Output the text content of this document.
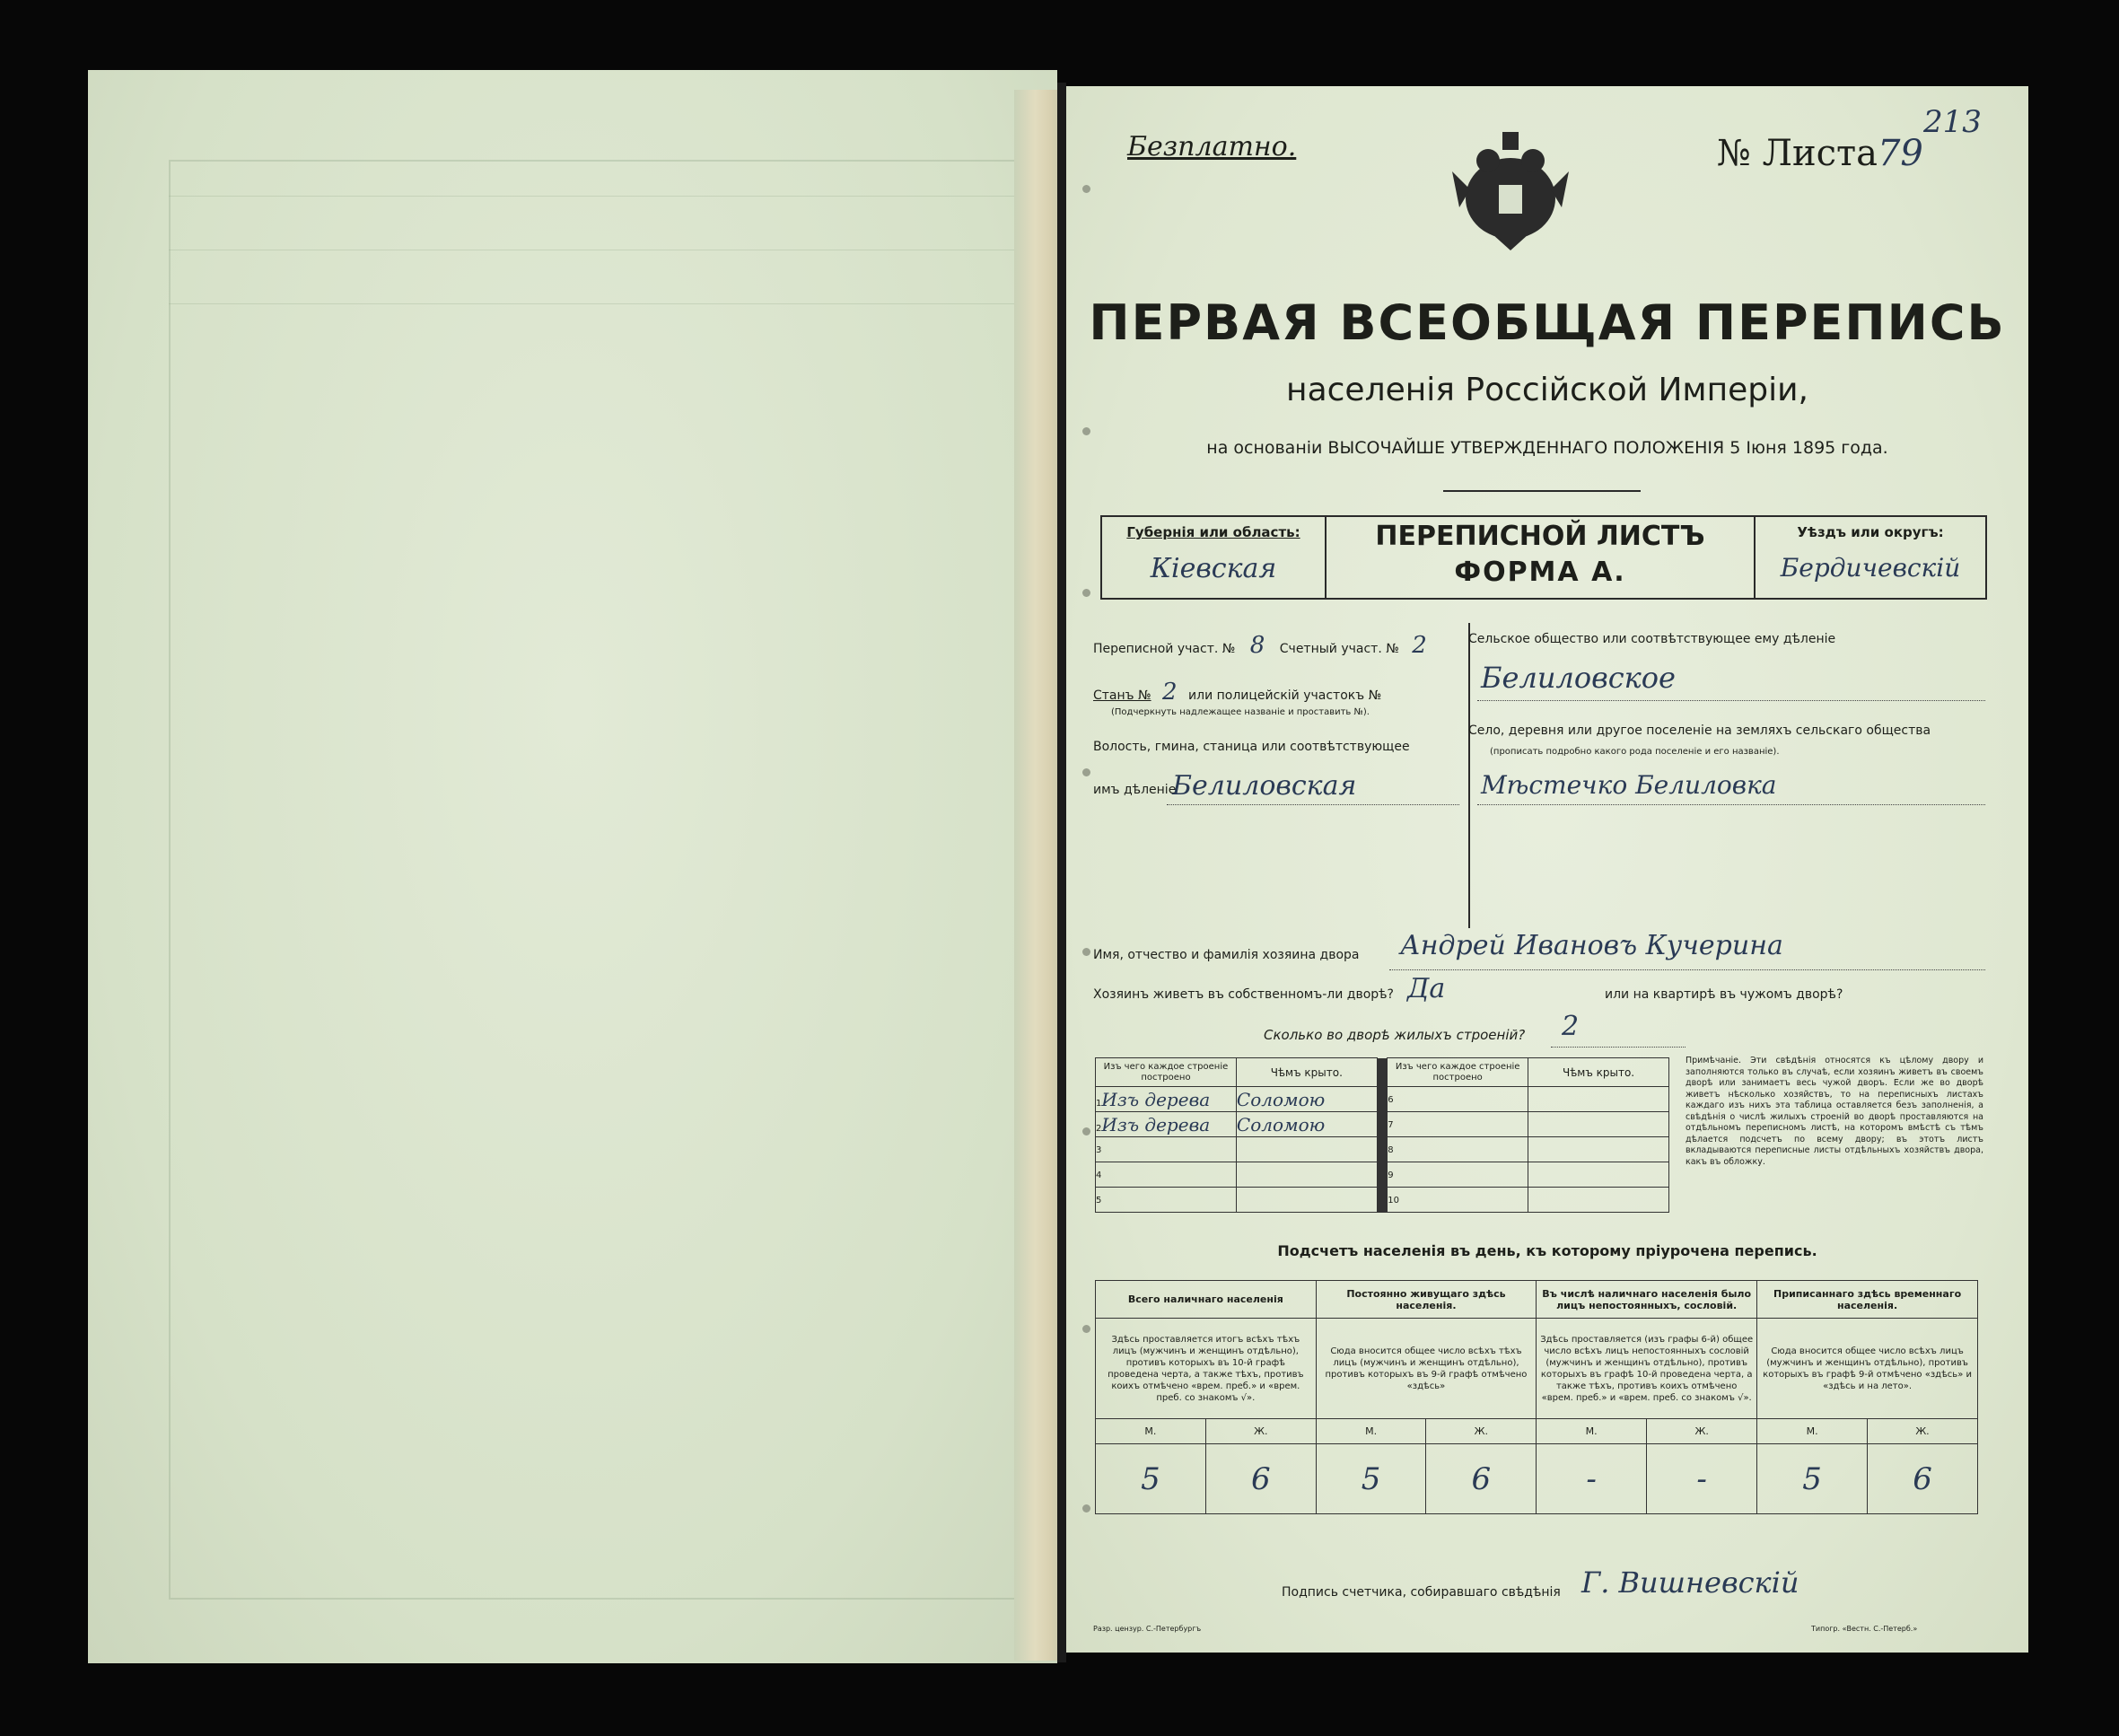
Безплатно.	№ Листа79
213
ПЕРВАЯ ВСЕОБЩАЯ ПЕРЕПИСЬ
населенія Россійской Имперіи,
на основаніи ВЫСОЧАЙШЕ УТВЕРЖДЕННАГО ПОЛОЖЕНІЯ 5 Іюня 1895 года.
Губернія или область:
Кіевская
ПЕРЕПИСНОЙ ЛИСТЪ
ФОРМА А.
Уѣздъ или округъ:
Бердичевскій
Переписной участ. № 8 Счетный участ. № 2
Станъ № 2 или полицейскій участокъ №
(Подчеркнуть надлежащее названіе и проставить №).
Волость, гмина, станица или соотвѣтствующее
имъ дѣленіе
Белиловская
Сельское общество или соотвѣтствующее ему дѣленіе
Белиловское
Село, деревня или другое поселеніе на земляхъ сельскаго общества
(прописать подробно какого рода поселеніе и его названіе).
Мѣстечко Белиловка
Имя, отчество и фамилія хозяина двора Андрей Ивановъ Кучерина
Хозяинъ живетъ въ собственномъ-ли дворѣ? Да	или на квартирѣ въ чужомъ дворѣ?
Сколько во дворѣ жилыхъ строеній? 2
Изъ чего каждое строеніе построено	Чѣмъ крыто.		Изъ чего каждое строеніе построено	Чѣмъ крыто.
1Изъ дерева	Соломою		6	
2Изъ дерева	Соломою		7	
3			8	
4			9	
5			10	
Примѣчаніе. Эти свѣдѣнія относятся къ цѣлому двору и заполняются только въ случаѣ, если хозяинъ живетъ въ своемъ дворѣ или занимаетъ весь чужой дворъ. Если же во дворѣ живетъ нѣсколько хозяйствъ, то на переписныхъ листахъ каждаго изъ нихъ эта таблица оставляется безъ заполненія, а свѣдѣнія о числѣ жилыхъ строеній во дворѣ проставляются на отдѣльномъ переписномъ листѣ, на которомъ вмѣстѣ съ тѣмъ дѣлается подсчетъ по всему двору; въ этотъ листъ вкладываются переписные листы отдѣльныхъ хозяйствъ двора, какъ въ обложку.
Подсчетъ населенія въ день, къ которому пріурочена перепись.
Всего наличнаго населенія		Постоянно живущаго здѣсь населенія.		Въ числѣ наличнаго населенія было лицъ непостоянныхъ, сословій.		Приписаннаго здѣсь временнаго населенія.	
Здѣсь проставляется итогъ всѣхъ тѣхъ лицъ (мужчинъ и женщинъ отдѣльно), противъ которыхъ въ 10-й графѣ проведена черта, а также тѣхъ, противъ коихъ отмѣчено «врем. преб.» и «врем. преб. со знакомъ √».		Сюда вносится общее число всѣхъ тѣхъ лицъ (мужчинъ и женщинъ отдѣльно), противъ которыхъ въ 9-й графѣ отмѣчено «здѣсь»		Здѣсь проставляется (изъ графы 6-й) общее число всѣхъ лицъ непостоянныхъ сословій (мужчинъ и женщинъ отдѣльно), противъ которыхъ въ графѣ 10-й проведена черта, а также тѣхъ, противъ коихъ отмѣчено «врем. преб.» и «врем. преб. со знакомъ √».		Сюда вносится общее число всѣхъ лицъ (мужчинъ и женщинъ отдѣльно), противъ которыхъ въ графѣ 9-й отмѣчено «здѣсь» и «здѣсь и на лето».	
М.	Ж.	М.	Ж.	М.	Ж.	М.	Ж.
5	6	5	6	-	-	5	6
Подпись счетчика, собиравшаго свѣдѣнія Г. Вишневскій
Разр. цензур. С.-Петербургъ	Типогр. «Вестн. С.-Петерб.»
